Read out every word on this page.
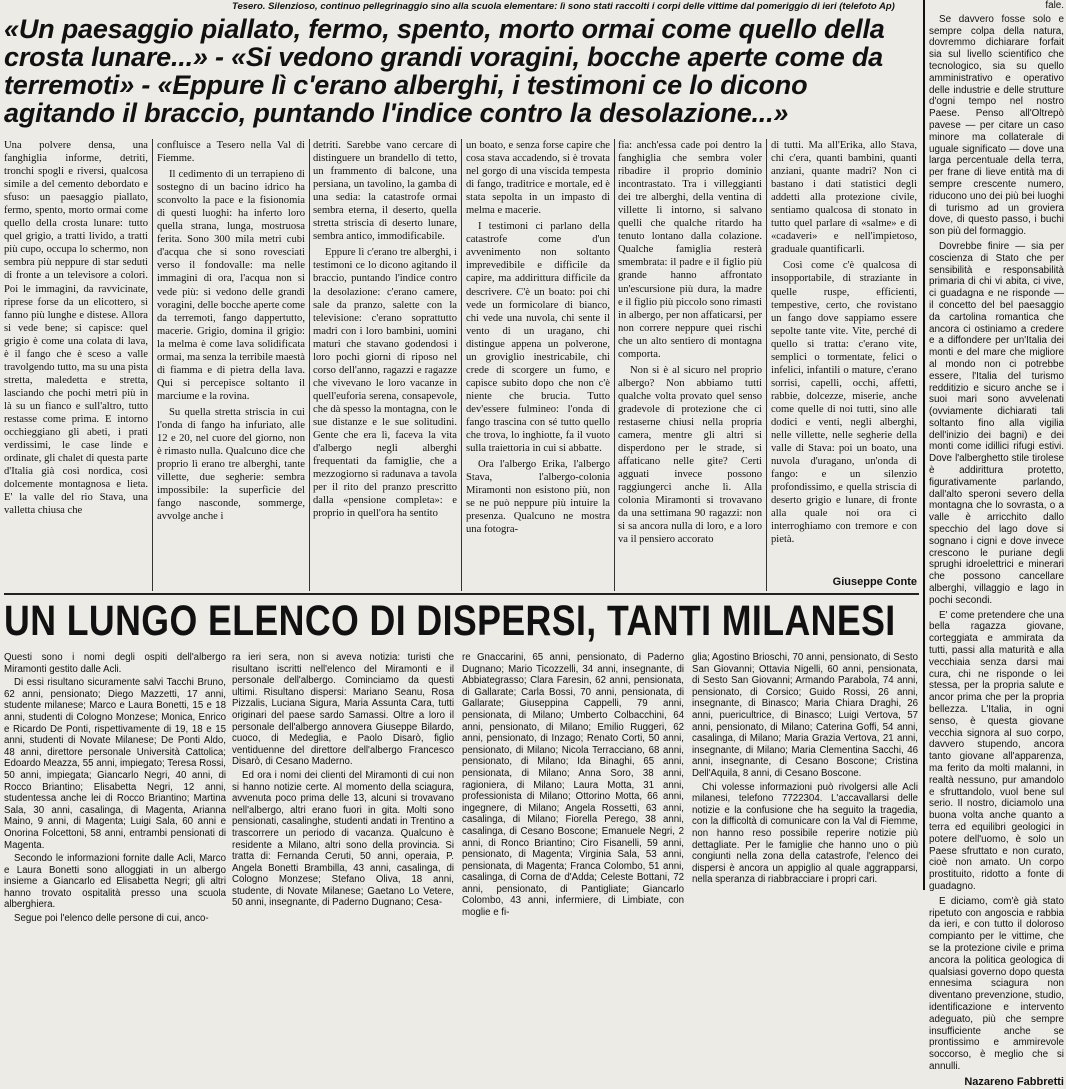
Tesero. Silenzioso, continuo pellegrinaggio sino alla scuola elementare: lì sono stati raccolti i corpi delle vittime dal pomeriggio di ieri (telefoto Ap)
«Un paesaggio piallato, fermo, spento, morto ormai come quello della crosta lunare...» - «Si vedono grandi voragini, bocche aperte come da terremoti» - «Eppure lì c'erano alberghi, i testimoni ce lo dicono agitando il braccio, puntando l'indice contro la desolazione...»

Una polvere densa, una fanghiglia informe, detriti, tronchi spogli e riversi, qualcosa simile a del cemento debordato e sfuso: un paesaggio piallato, fermo, spento, morto ormai come quello della crosta lunare: tutto quel grigio, a tratti livido, a tratti più cupo, occupa lo schermo, non sembra più neppure di star seduti di fronte a un televisore a colori. Poi le immagini, da ravvicinate, riprese forse da un elicottero, si fanno più lunghe e distese. Allora si vede bene; si capisce: quel grigio è come una colata di lava, è il fango che è sceso a valle travolgendo tutto, ma su una pista stretta, maledetta e stretta, lasciando che pochi metri più in là su un fianco e sull'altro, tutto restasse come prima. E intorno occhieggiano gli abeti, i prati verdissimi, le case linde e ordinate, gli chalet di questa parte d'Italia già così nordica, così dolcemente montagnosa e lieta. E' la valle del rio Stava, una valletta chiusa che

confluisce a Tesero nella Val di Fiemme.

Il cedimento di un terrapieno di sostegno di un bacino idrico ha sconvolto la pace e la fisionomia di questi luoghi: ha inferto loro quella strana, lunga, mostruosa ferita. Sono 300 mila metri cubi d'acqua che si sono rovesciati verso il fondovalle: ma nelle immagini di ora, l'acqua non si vede più: si vedono delle grandi voragini, delle bocche aperte come da terremoti, fango dappertutto, macerie. Grigio, domina il grigio: la melma è come lava solidificata ormai, ma senza la terribile maestà di fiamma e di pietra della lava. Qui si percepisce soltanto il marciume e la rovina.

Su quella stretta striscia in cui l'onda di fango ha infuriato, alle 12 e 20, nel cuore del giorno, non è rimasto nulla. Qualcuno dice che proprio lì erano tre alberghi, tante villette, due segherie: sembra impossibile: la superficie del fango nasconde, sommerge, avvolge anche i

detriti. Sarebbe vano cercare di distinguere un brandello di tetto, un frammento di balcone, una persiana, un tavolino, la gamba di una sedia: la catastrofe ormai sembra eterna, il deserto, quella stretta striscia di deserto lunare, sembra antico, immodificabile.

Eppure lì c'erano tre alberghi, i testimoni ce lo dicono agitando il braccio, puntando l'indice contro la desolazione: c'erano camere, sale da pranzo, salette con la televisione: c'erano soprattutto madri con i loro bambini, uomini maturi che stavano godendosi i loro pochi giorni di riposo nel corso dell'anno, ragazzi e ragazze che vivevano le loro vacanze in quell'euforia serena, consapevole, che dà spesso la montagna, con le sue distanze e le sue solitudini. Gente che era lì, faceva la vita d'albergo negli alberghi frequentati da famiglie, che a mezzogiorno si radunava a tavola per il rito del pranzo prescritto dalla «pensione completa»: e proprio in quell'ora ha sentito

un boato, e senza forse capire che cosa stava accadendo, si è trovata nel gorgo di una viscida tempesta di fango, traditrice e mortale, ed è stata sepolta in un impasto di melma e macerie.

I testimoni ci parlano della catastrofe come d'un avvenimento non soltanto imprevedibile e difficile da capire, ma addirittura difficile da descrivere. C'è un boato: poi chi vede un formicolare di bianco, chi vede una nuvola, chi sente il vento di un uragano, chi distingue appena un polverone, un groviglio inestricabile, chi crede di scorgere un fumo, e capisce subito dopo che non c'è niente che brucia. Tutto dev'essere fulmineo: l'onda di fango trascina con sé tutto quello che trova, lo inghiotte, fa il vuoto sulla traiettoria in cui si abbatte.

Ora l'albergo Erika, l'albergo Stava, l'albergo-colonia Miramonti non esistono più, non se ne può neppure più intuire la presenza. Qualcuno ne mostra una fotogra-

fia: anch'essa cade poi dentro la fanghiglia che sembra voler ribadire il proprio dominio incontrastato. Tra i villeggianti dei tre alberghi, della ventina di villette lì intorno, si salvano quelli che qualche ritardo ha tenuto lontano dalla colazione. Qualche famiglia resterà smembrata: il padre e il figlio più grande hanno affrontato un'escursione più dura, la madre e il figlio più piccolo sono rimasti in albergo, per non affaticarsi, per non correre neppure quei rischi che un alto sentiero di montagna comporta.

Non si è al sicuro nel proprio albergo? Non abbiamo tutti qualche volta provato quel senso gradevole di protezione che ci restaserne chiusi nella propria camera, mentre gli altri si disperdono per le strade, si affaticano nelle gite? Certi agguati invece possono raggiungerci anche lì. Alla colonia Miramonti si trovavano da una settimana 90 ragazzi: non si sa ancora nulla di loro, e a loro va il pensiero accorato

di tutti. Ma all'Erika, allo Stava, chi c'era, quanti bambini, quanti anziani, quante madri? Non ci bastano i dati statistici degli addetti alla protezione civile, sentiamo qualcosa di stonato in tutto quel parlare di «salme» e di «cadaveri» e nell'impietoso, graduale quantificarli.

Così come c'è qualcosa di insopportabile, di straziante in quelle ruspe, efficienti, tempestive, certo, che rovistano un fango dove sappiamo essere sepolte tante vite. Vite, perché di quello si tratta: c'erano vite, semplici o tormentate, felici o infelici, infantili o mature, c'erano sorrisi, capelli, occhi, affetti, rabbie, dolcezze, miserie, anche come quelle di noi tutti, sino alle dodici e venti, negli alberghi, nelle villette, nelle segherie della valle di Stava: poi un boato, una nuvola d'uragano, un'onda di fango: e un silenzio profondissimo, e quella striscia di deserto grigio e lunare, di fronte alla quale noi ora ci interroghiamo con tremore e con pietà.

Giuseppe Conte

fale.

Se davvero fosse solo e sempre colpa della natura, dovremmo dichiarare forfait sia sul livello scientifico che tecnologico, sia su quello amministrativo e operativo delle industrie e delle strutture d'ogni tempo nel nostro Paese. Penso all'Oltrepò pavese — per citare un caso minore ma collaterale di uguale significato — dove una larga percentuale della terra, per frane di lieve entità ma di sempre crescente numero, riducono uno dei più bei luoghi di turismo ad un groviera dove, di questo passo, i buchi son più del formaggio.

Dovrebbe finire — sia per coscienza di Stato che per sensibilità e responsabilità primaria di chi vi abita, ci vive, ci guadagna e ne risponde — il concetto del bel paesaggio da cartolina romantica che ancora ci ostiniamo a credere e a diffondere per un'Italia dei monti e del mare che migliore al mondo non ci potrebbe essere, l'Italia del turismo redditizio e sicuro anche se i suoi mari sono avvelenati (ovviamente dichiarati tali soltanto fino alla vigilia dell'inizio dei bagni) e dei monti come idillici rifugi estivi. Dove l'alberghetto stile tirolese è addirittura protetto, figurativamente parlando, dall'alto speroni severo della montagna che lo sovrasta, o a valle è arricchito dallo specchio del lago dove si sognano i cigni e dove invece crescono le puriane degli sprughi idroelettrici e minerari che possono cancellare alberghi, villaggio e lago in pochi secondi.

E' come pretendere che una bella ragazza giovane, corteggiata e ammirata da tutti, passi alla maturità e alla vecchiaia senza darsi mai cura, chi ne risponde o lei stessa, per la propria salute e ancor prima che per la propria bellezza. L'Italia, in ogni senso, è questa giovane vecchia signora al suo corpo, davvero stupendo, ancora tanto giovane all'apparenza, ma ferito da molti malanni, in realtà nessuno, pur amandolo e sfruttandolo, vuol bene sul serio. Il nostro, diciamolo una buona volta anche quanto a terra ed equilibri geologici in potere dell'uomo, è solo un Paese sfruttato e non curato, cioè non amato. Un corpo prostituito, ridotto a fonte di guadagno.

E diciamo, com'è già stato ripetuto con angoscia e rabbia da ieri, e con tutto il doloroso compianto per le vittime, che se la protezione civile e prima ancora la politica geologica di qualsiasi governo dopo questa ennesima sciagura non diventano prevenzione, studio, identificazione e intervento adeguato, più che sempre insufficiente anche se prontissimo e ammirevole soccorso, è meglio che si annulli.

Nazareno Fabbretti

UN LUNGO ELENCO DI DISPERSI, TANTI MILANESI

Questi sono i nomi degli ospiti dell'albergo Miramonti gestito dalle Acli.

Di essi risultano sicuramente salvi Tacchi Bruno, 62 anni, pensionato; Diego Mazzetti, 17 anni, studente milanese; Marco e Laura Bonetti, 15 e 18 anni, studenti di Cologno Monzese; Monica, Enrico e Ricardo De Ponti, rispettivamente di 19, 18 e 15 anni, studenti di Novate Milanese; De Ponti Aldo, 48 anni, direttore personale Università Cattolica; Edoardo Meazza, 55 anni, impiegato; Teresa Rossi, 50 anni, impiegata; Giancarlo Negri, 40 anni, di Rocco Briantino; Elisabetta Negri, 12 anni, studentessa anche lei di Rocco Briantino; Martina Sala, 30 anni, casalinga, di Magenta, Arianna Maino, 9 anni, di Magenta; Luigi Sala, 60 anni e Onorina Folcettoni, 58 anni, entrambi pensionati di Magenta.

Secondo le informazioni fornite dalle Acli, Marco e Laura Bonetti sono alloggiati in un albergo insieme a Giancarlo ed Elisabetta Negri; gli altri hanno trovato ospitalità presso una scuola alberghiera.

Segue poi l'elenco delle persone di cui, anco-

ra ieri sera, non si aveva notizia: turisti che risultano iscritti nell'elenco del Miramonti e il personale dell'albergo. Cominciamo da questi ultimi. Risultano dispersi: Mariano Seanu, Rosa Pizzalis, Luciana Sigura, Maria Assunta Cara, tutti originari del paese sardo Samassi. Oltre a loro il personale dell'albergo annovera Giuseppe Bilardo, cuoco, di Medeglia, e Paolo Disarò, figlio ventiduenne del direttore dell'albergo Francesco Disarò, di Cesano Maderno.

Ed ora i nomi dei clienti del Miramonti di cui non si hanno notizie certe. Al momento della sciagura, avvenuta poco prima delle 13, alcuni si trovavano nell'albergo, altri erano fuori in gita. Molti sono pensionati, casalinghe, studenti andati in Trentino a trascorrere un periodo di vacanza. Qualcuno è residente a Milano, altri sono della provincia. Si tratta di: Fernanda Ceruti, 50 anni, operaia, P. Angela Bonetti Brambilla, 43 anni, casalinga, di Cologno Monzese; Stefano Oliva, 18 anni, studente, di Novate Milanese; Gaetano Lo Vetere, 50 anni, insegnante, di Paderno Dugnano; Cesa-

re Gnaccarini, 65 anni, pensionato, di Paderno Dugnano; Mario Ticozzelli, 34 anni, insegnante, di Abbiategrasso; Clara Faresin, 62 anni, pensionata, di Gallarate; Carla Bossi, 70 anni, pensionata, di Gallarate; Giuseppina Cappelli, 79 anni, pensionata, di Milano; Umberto Colbacchini, 64 anni, pensionato, di Milano; Emilio Ruggeri, 62 anni, pensionato, di Inzago; Renato Corti, 50 anni, pensionato, di Milano; Nicola Terracciano, 68 anni, pensionato, di Milano; Ida Binaghi, 65 anni, pensionata, di Milano; Anna Soro, 38 anni, ragioniera, di Milano; Laura Motta, 31 anni, professionista di Milano; Ottorino Motta, 66 anni, ingegnere, di Milano; Angela Rossetti, 63 anni, casalinga, di Milano; Fiorella Perego, 38 anni, casalinga, di Cesano Boscone; Emanuele Negri, 2 anni, di Ronco Briantino; Ciro Fisanelli, 59 anni, pensionato, di Magenta; Virginia Sala, 53 anni, pensionata, di Magenta; Franca Colombo, 51 anni, casalinga, di Corna de d'Adda; Celeste Bottani, 72 anni, pensionato, di Pantigliate; Giancarlo Colombo, 43 anni, infermiere, di Limbiate, con moglie e fi-

glia; Agostino Brioschi, 70 anni, pensionato, di Sesto San Giovanni; Ottavia Nigelli, 60 anni, pensionata, di Sesto San Giovanni; Armando Parabola, 74 anni, pensionato, di Corsico; Guido Rossi, 26 anni, insegnante, di Binasco; Maria Chiara Draghi, 26 anni, puericultrice, di Binasco; Luigi Vertova, 57 anni, pensionato, di Milano; Caterina Goffi, 54 anni, casalinga, di Milano; Maria Grazia Vertova, 21 anni, insegnante, di Milano; Maria Clementina Sacchi, 46 anni, insegnante, di Cesano Boscone; Cristina Dell'Aquila, 8 anni, di Cesano Boscone.

Chi volesse informazioni può rivolgersi alle Acli milanesi, telefono 7722304. L'accavallarsi delle notizie e la confusione che ha seguito la tragedia, con la difficoltà di comunicare con la Val di Fiemme, non hanno reso possibile reperire notizie più dettagliate. Per le famiglie che hanno uno o più congiunti nella zona della catastrofe, l'elenco dei dispersi è ancora un appiglio al quale aggrapparsi, nella speranza di riabbracciare i propri cari.
